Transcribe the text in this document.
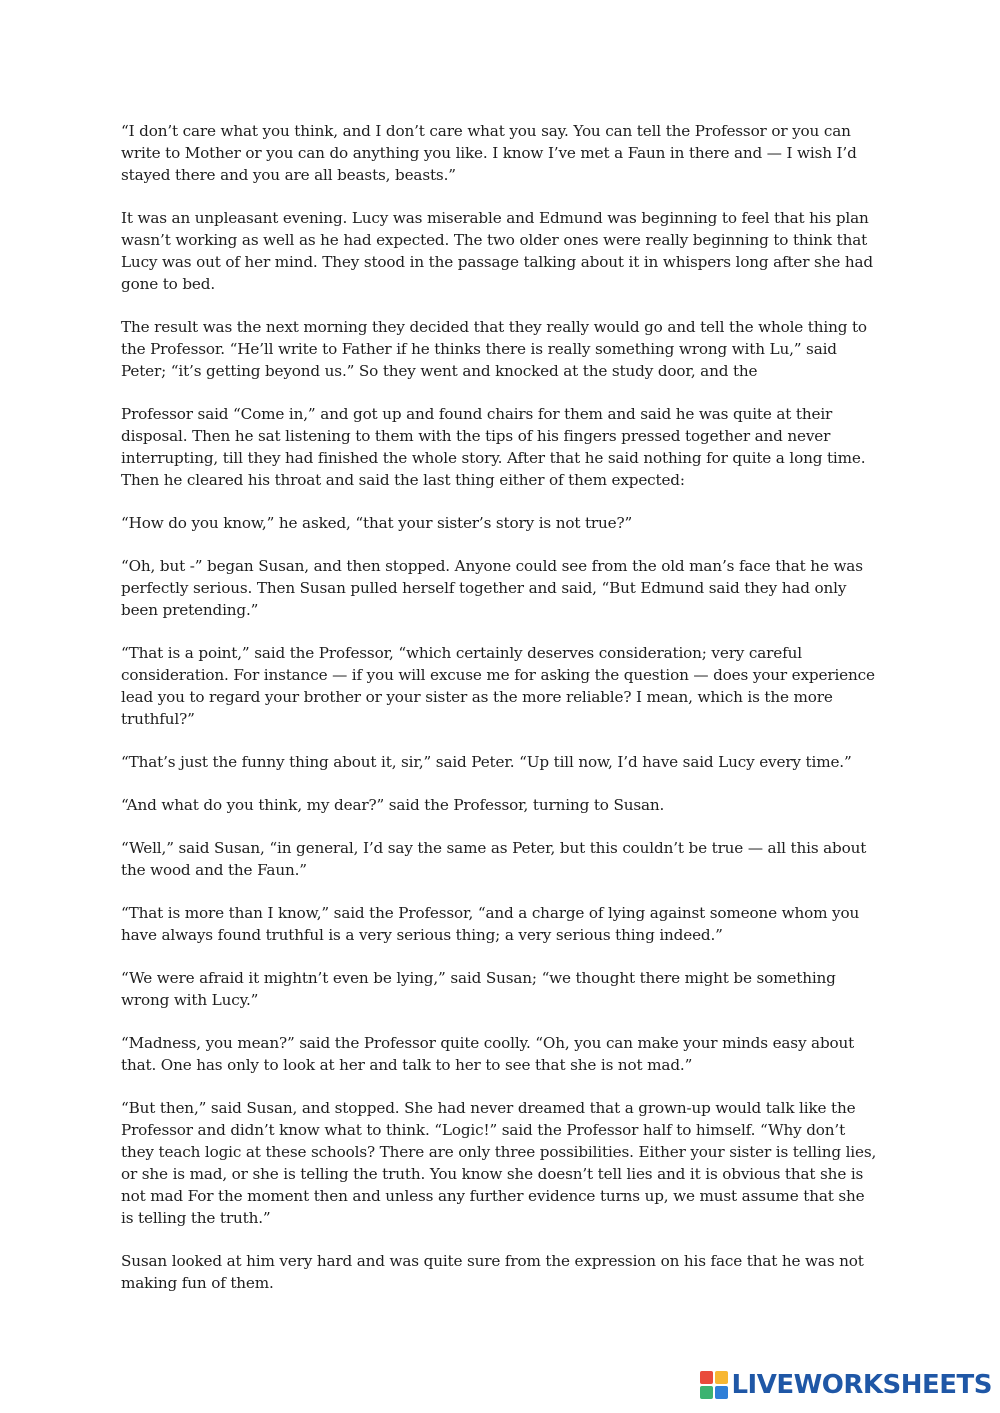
“I don’t care what you think, and I don’t care what you say. You can tell the Professor or you can write to Mother or you can do anything you like. I know I’ve met a Faun in there and — I wish I’d stayed there and you are all beasts, beasts.”

It was an unpleasant evening. Lucy was miserable and Edmund was beginning to feel that his plan wasn’t working as well as he had expected. The two older ones were really beginning to think that Lucy was out of her mind. They stood in the passage talking about it in whispers long after she had gone to bed.

The result was the next morning they decided that they really would go and tell the whole thing to the Professor. “He’ll write to Father if he thinks there is really something wrong with Lu,” said Peter; “it’s getting beyond us.” So they went and knocked at the study door, and the

Professor said “Come in,” and got up and found chairs for them and said he was quite at their disposal. Then he sat listening to them with the tips of his fingers pressed together and never interrupting, till they had finished the whole story. After that he said nothing for quite a long time. Then he cleared his throat and said the last thing either of them expected:

“How do you know,” he asked, “that your sister’s story is not true?”

“Oh, but -” began Susan, and then stopped. Anyone could see from the old man’s face that he was perfectly serious. Then Susan pulled herself together and said, “But Edmund said they had only been pretending.”

“That is a point,” said the Professor, “which certainly deserves consideration; very careful consideration. For instance — if you will excuse me for asking the question — does your experience lead you to regard your brother or your sister as the more reliable? I mean, which is the more truthful?”

“That’s just the funny thing about it, sir,” said Peter. “Up till now, I’d have said Lucy every time.”

“And what do you think, my dear?” said the Professor, turning to Susan.

“Well,” said Susan, “in general, I’d say the same as Peter, but this couldn’t be true — all this about the wood and the Faun.”

“That is more than I know,” said the Professor, “and a charge of lying against someone whom you have always found truthful is a very serious thing; a very serious thing indeed.”

“We were afraid it mightn’t even be lying,” said Susan; “we thought there might be something wrong with Lucy.”

“Madness, you mean?” said the Professor quite coolly. “Oh, you can make your minds easy about that. One has only to look at her and talk to her to see that she is not mad.”

“But then,” said Susan, and stopped. She had never dreamed that a grown-up would talk like the Professor and didn’t know what to think. “Logic!” said the Professor half to himself. “Why don’t they teach logic at these schools? There are only three possibilities. Either your sister is telling lies, or she is mad, or she is telling the truth. You know she doesn’t tell lies and it is obvious that she is not mad For the moment then and unless any further evidence turns up, we must assume that she is telling the truth.”

Susan looked at him very hard and was quite sure from the expression on his face that he was not making fun of them.

LIVEWORKSHEETS
